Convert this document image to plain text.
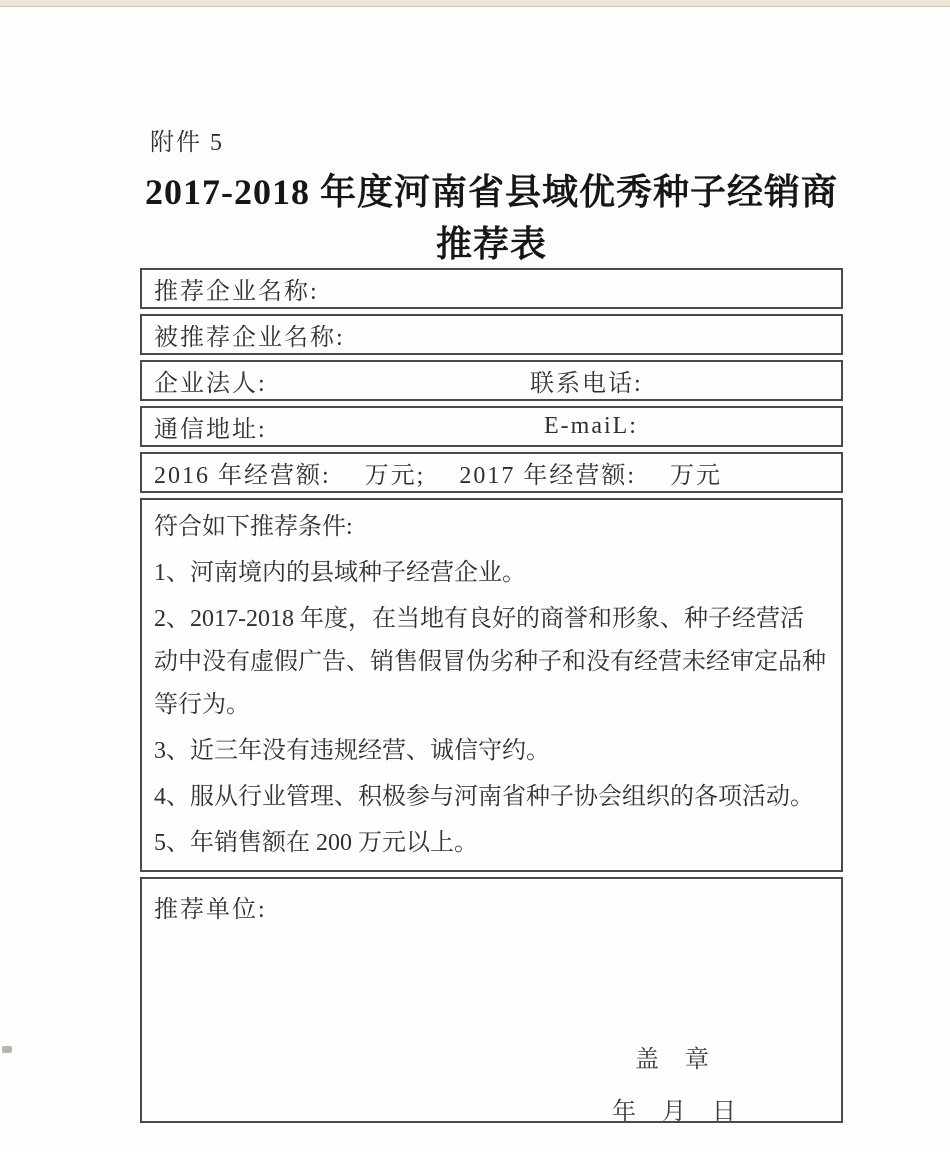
附件 5
2017-2018 年度河南省县域优秀种子经销商
推荐表
推荐企业名称:
被推荐企业名称:
企业法人:	联系电话:
通信地址:	E-maiL:
2016 年经营额:　 万元;　 2017 年经营额:　 万元

符合如下推荐条件:

1、河南境内的县域种子经营企业。

2、2017-2018 年度，在当地有良好的商誉和形象、种子经营活动中没有虚假广告、销售假冒伪劣种子和没有经营未经审定品种等行为。

3、近三年没有违规经营、诚信守约。

4、服从行业管理、积极参与河南省种子协会组织的各项活动。

5、年销售额在 200 万元以上。

推荐单位:
盖　章
年　月　日
